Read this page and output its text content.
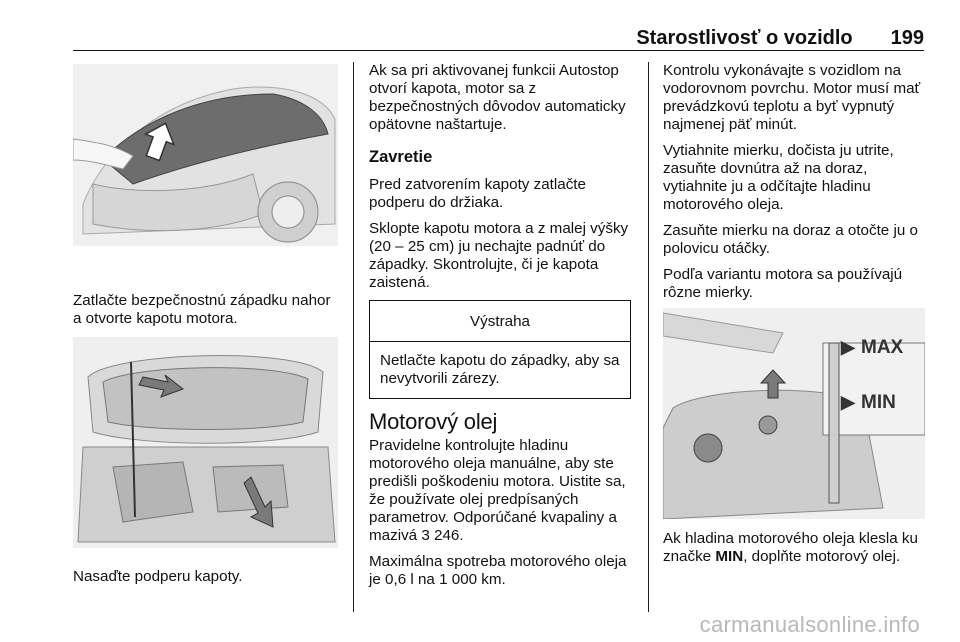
Starostlivosť o vozidlo 199

Zatlačte bezpečnostnú západku nahor a otvorte kapotu motora.

Nasaďte podperu kapoty.

Ak sa pri aktivovanej funkcii Autostop otvorí kapota, motor sa z bezpečnostných dôvodov automaticky opätovne naštartuje.

Zavretie

Pred zatvorením kapoty zatlačte podperu do držiaka.

Sklopte kapotu motora a z malej výšky (20 – 25 cm) ju nechajte padnúť do západky. Skontrolujte, či je kapota zaistená.

Výstraha
Netlačte kapotu do západky, aby sa nevytvorili zárezy.
Motorový olej

Pravidelne kontrolujte hladinu motorového oleja manuálne, aby ste predišli poškodeniu motora. Uistite sa, že používate olej predpísaných parametrov. Odporúčané kvapaliny a mazivá 3 246.

Maximálna spotreba motorového oleja je 0,6 l na 1 000 km.

Kontrolu vykonávajte s vozidlom na vodorovnom povrchu. Motor musí mať prevádzkovú teplotu a byť vypnutý najmenej päť minút.

Vytiahnite mierku, dočista ju utrite, zasuňte dovnútra až na doraz, vytiahnite ju a odčítajte hladinu motorového oleja.

Zasuňte mierku na doraz a otočte ju o polovicu otáčky.

Podľa variantu motora sa používajú rôzne mierky.

▶ MAX
▶ MIN

Ak hladina motorového oleja klesla ku značke MIN, doplňte motorový olej.

carmanualsonline.info
